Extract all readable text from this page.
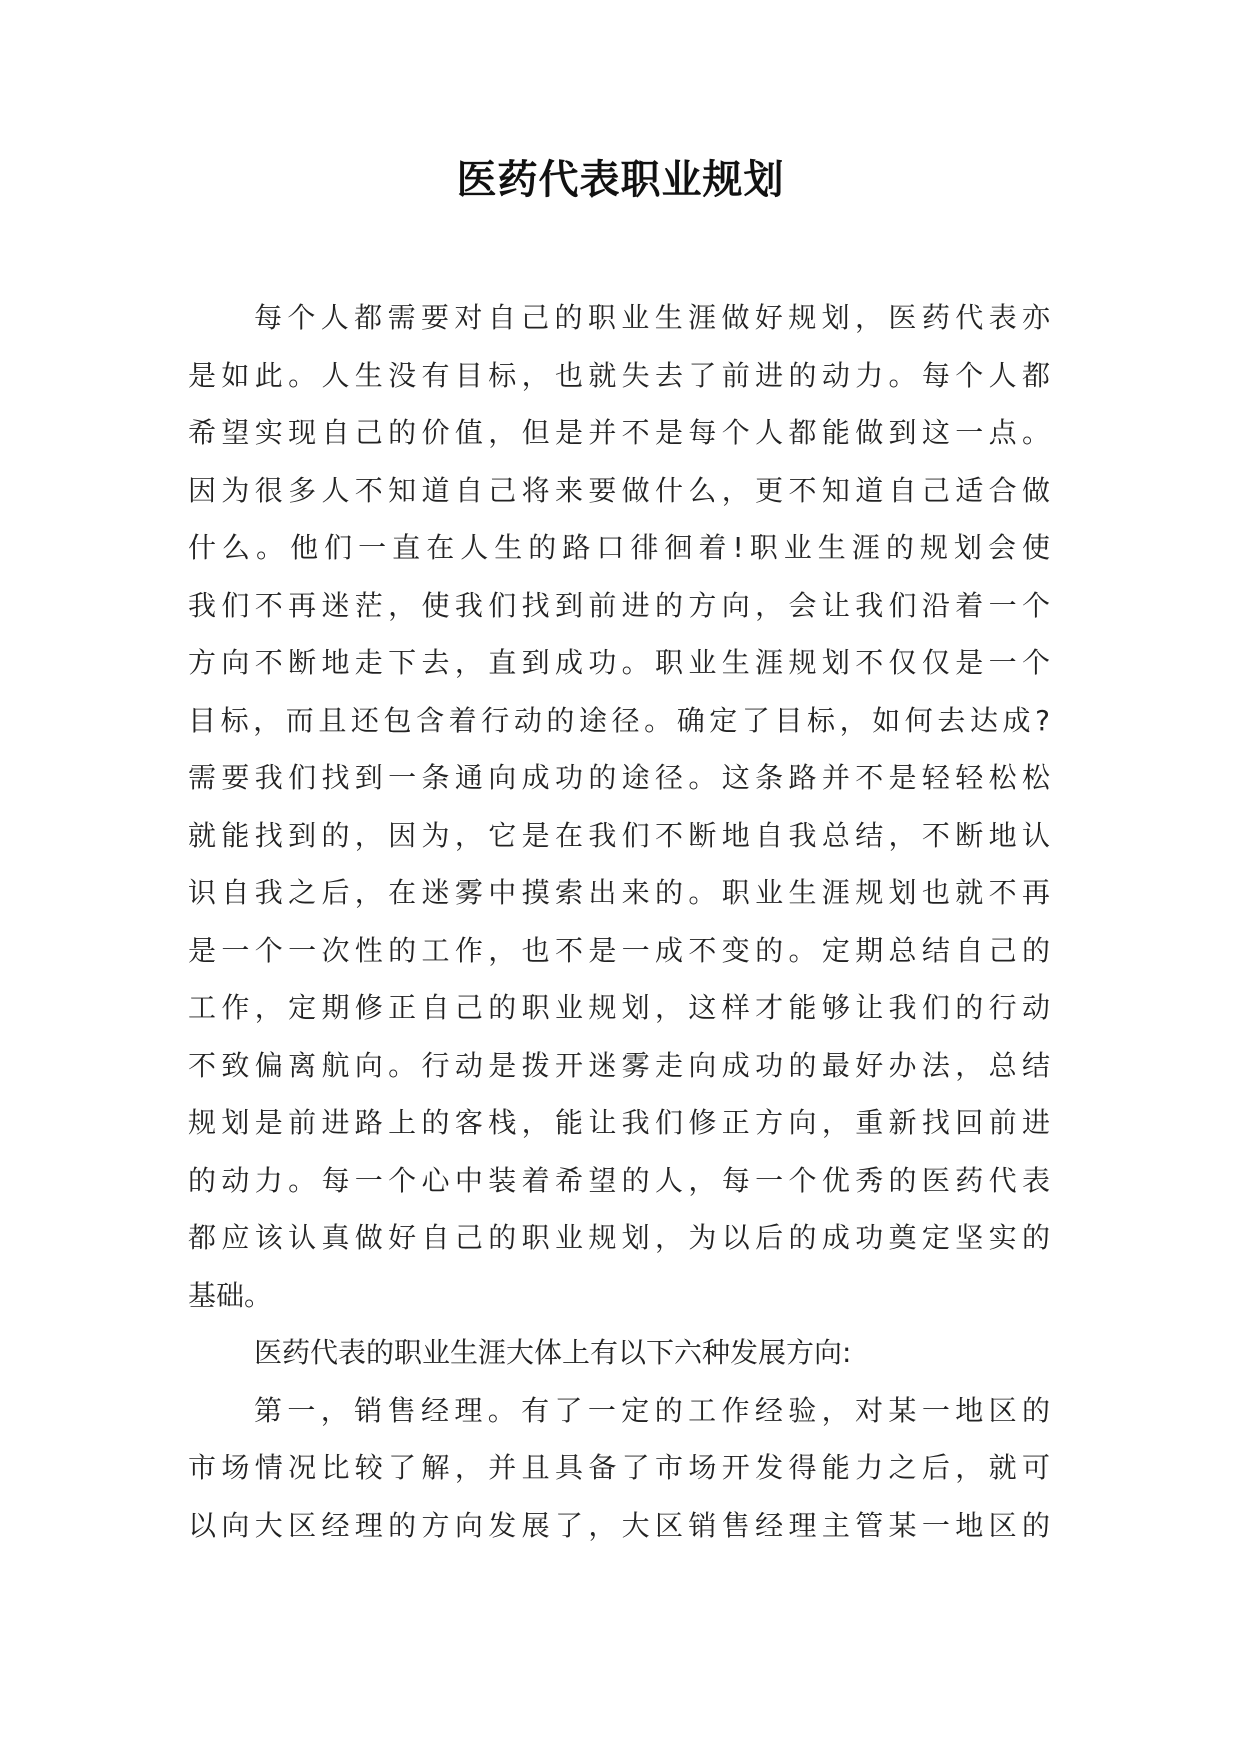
医药代表职业规划
每个人都需要对自己的职业生涯做好规划，医药代表亦
是如此。人生没有目标，也就失去了前进的动力。每个人都
希望实现自己的价值，但是并不是每个人都能做到这一点。
因为很多人不知道自己将来要做什么，更不知道自己适合做
什么。他们一直在人生的路口徘徊着!职业生涯的规划会使
我们不再迷茫，使我们找到前进的方向，会让我们沿着一个
方向不断地走下去，直到成功。职业生涯规划不仅仅是一个
目标，而且还包含着行动的途径。确定了目标，如何去达成?
需要我们找到一条通向成功的途径。这条路并不是轻轻松松
就能找到的，因为，它是在我们不断地自我总结，不断地认
识自我之后，在迷雾中摸索出来的。职业生涯规划也就不再
是一个一次性的工作，也不是一成不变的。定期总结自己的
工作，定期修正自己的职业规划，这样才能够让我们的行动
不致偏离航向。行动是拨开迷雾走向成功的最好办法，总结
规划是前进路上的客栈，能让我们修正方向，重新找回前进
的动力。每一个心中装着希望的人，每一个优秀的医药代表
都应该认真做好自己的职业规划，为以后的成功奠定坚实的
基础。
医药代表的职业生涯大体上有以下六种发展方向:
第一，销售经理。有了一定的工作经验，对某一地区的
市场情况比较了解，并且具备了市场开发得能力之后，就可
以向大区经理的方向发展了，大区销售经理主管某一地区的
